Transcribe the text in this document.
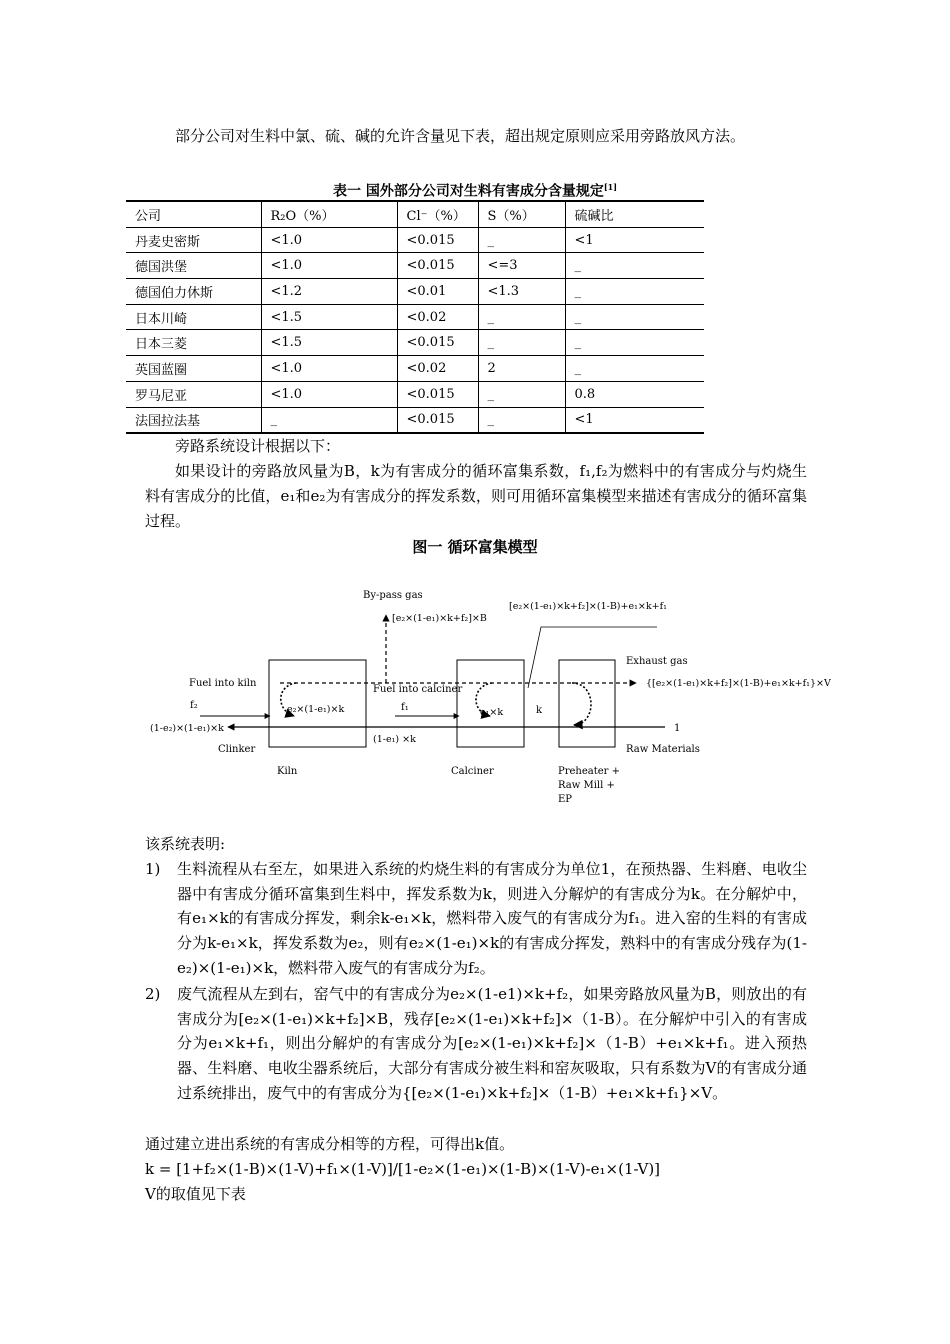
部分公司对生料中氯、硫、碱的允许含量见下表，超出规定原则应采用旁路放风方法。
表一 国外部分公司对生料有害成分含量规定[1]
公司	R₂O（%）	Cl⁻（%）	S（%）	硫碱比
丹麦史密斯	<1.0	<0.015	_	<1
德国洪堡	<1.0	<0.015	<=3	_
德国伯力休斯	<1.2	<0.01	<1.3	_
日本川崎	<1.5	<0.02	_	_
日本三菱	<1.5	<0.015	_	_
英国蓝圈	<1.0	<0.02	2	_
罗马尼亚	<1.0	<0.015	_	0.8
法国拉法基	_	<0.015	_	<1
旁路系统设计根据以下：
如果设计的旁路放风量为B，k为有害成分的循环富集系数，f₁,f₂为燃料中的有害成分与灼烧生料有害成分的比值，e₁和e₂为有害成分的挥发系数，则可用循环富集模型来描述有害成分的循环富集过程。
图一 循环富集模型
By-pass gas
[e₂×(1-e₁)×k+f₂]×B
[e₂×(1-e₁)×k+f₂]×(1-B)+e₁×k+f₁
Exhaust gas
{[e₂×(1-e₁)×k+f₂]×(1-B)+e₁×k+f₁}×V
Fuel into kiln
f₂
Fuel into calciner
f₁
e₂×(1-e₁)×k	e₁×k	k
1
(1-e₂)×(1-e₁)×k
(1-e₁) ×k
Clinker	Raw Materials
Kiln	Calciner	Preheater +
Raw Mill +
EP
该系统表明:
1) 生料流程从右至左，如果进入系统的灼烧生料的有害成分为单位1，在预热器、生料磨、电收尘器中有害成分循环富集到生料中，挥发系数为k，则进入分解炉的有害成分为k。在分解炉中，有e₁×k的有害成分挥发，剩余k-e₁×k，燃料带入废气的有害成分为f₁。进入窑的生料的有害成分为k-e₁×k，挥发系数为e₂，则有e₂×(1-e₁)×k的有害成分挥发，熟料中的有害成分残存为(1-e₂)×(1-e₁)×k，燃料带入废气的有害成分为f₂。
2) 废气流程从左到右，窑气中的有害成分为e₂×(1-e1)×k+f₂，如果旁路放风量为B，则放出的有害成分为[e₂×(1-e₁)×k+f₂]×B，残存[e₂×(1-e₁)×k+f₂]×（1-B）。在分解炉中引入的有害成分为e₁×k+f₁，则出分解炉的有害成分为[e₂×(1-e₁)×k+f₂]×（1-B）+e₁×k+f₁。进入预热器、生料磨、电收尘器系统后，大部分有害成分被生料和窑灰吸取，只有系数为V的有害成分通过系统排出，废气中的有害成分为{[e₂×(1-e₁)×k+f₂]×（1-B）+e₁×k+f₁}×V。
通过建立进出系统的有害成分相等的方程，可得出k值。
k = [1+f₂×(1-B)×(1-V)+f₁×(1-V)]/[1-e₂×(1-e₁)×(1-B)×(1-V)-e₁×(1-V)]
V的取值见下表
